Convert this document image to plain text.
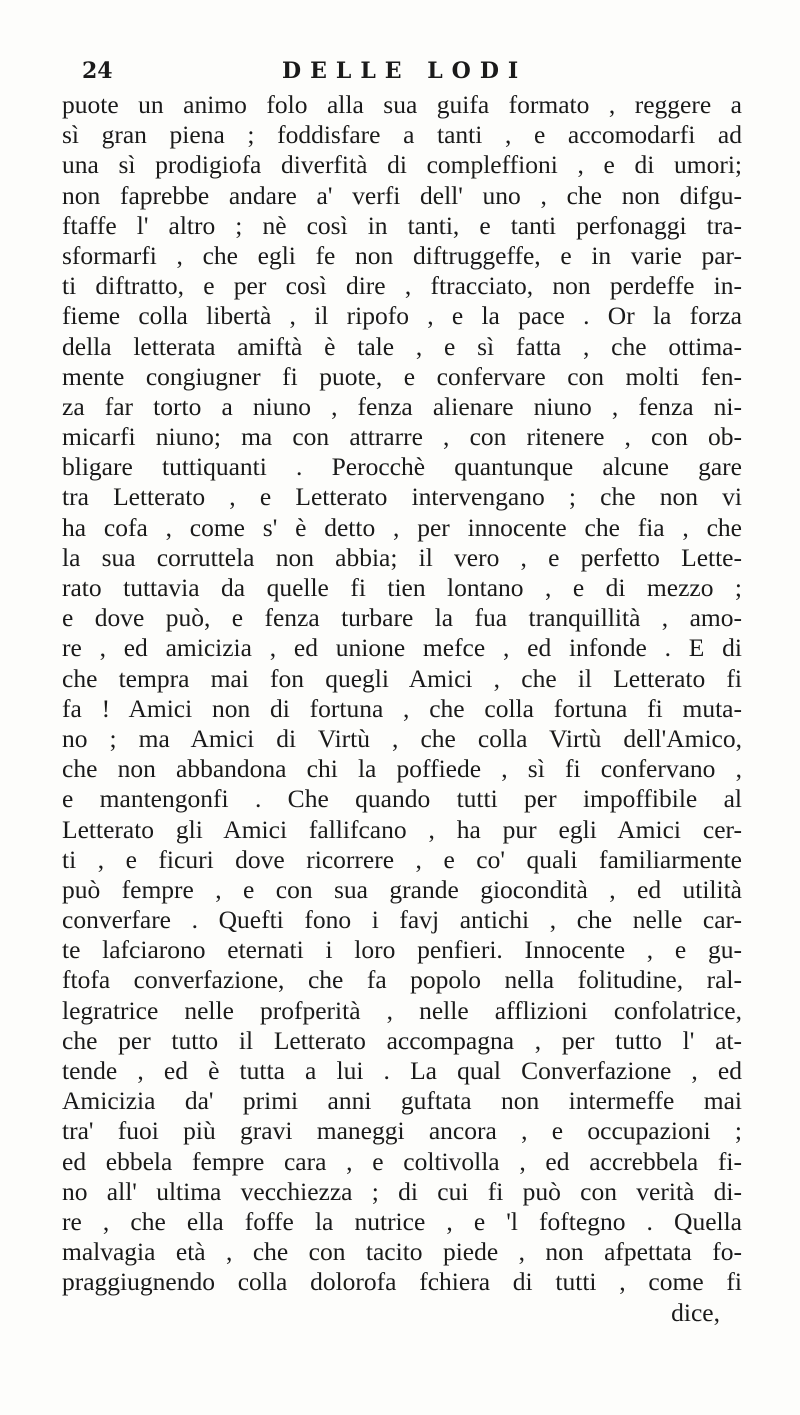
24	DELLE LODI
puote un animo folo alla sua guifa formato , reggere a
sì gran piena ; foddisfare a tanti , e accomodarfi ad
una sì prodigiofa diverfità di compleffioni , e di umori;
non faprebbe andare a' verfi dell' uno , che non difgu-
ftaffe l' altro ; nè così in tanti, e tanti perfonaggi tra-
sformarfi , che egli fe non diftruggeffe, e in varie par-
ti diftratto, e per così dire , ftracciato, non perdeffe in-
fieme colla libertà , il ripofo , e la pace . Or la forza
della letterata amiftà è tale , e sì fatta , che ottima-
mente congiugner fi puote, e confervare con molti fen-
za far torto a niuno , fenza alienare niuno , fenza ni-
micarfi niuno; ma con attrarre , con ritenere , con ob-
bligare tuttiquanti . Perocchè quantunque alcune gare
tra Letterato , e Letterato intervengano ; che non vi
ha cofa , come s' è detto , per innocente che fia , che
la sua corruttela non abbia; il vero , e perfetto Lette-
rato tuttavia da quelle fi tien lontano , e di mezzo ;
e dove può, e fenza turbare la fua tranquillità , amo-
re , ed amicizia , ed unione mefce , ed infonde . E di
che tempra mai fon quegli Amici , che il Letterato fi
fa ! Amici non di fortuna , che colla fortuna fi muta-
no ; ma Amici di Virtù , che colla Virtù dell'Amico,
che non abbandona chi la poffiede , sì fi confervano ,
e mantengonfi . Che quando tutti per impoffibile al
Letterato gli Amici fallifcano , ha pur egli Amici cer-
ti , e ficuri dove ricorrere , e co' quali familiarmente
può fempre , e con sua grande giocondità , ed utilità
converfare . Quefti fono i favj antichi , che nelle car-
te lafciarono eternati i loro penfieri. Innocente , e gu-
ftofa converfazione, che fa popolo nella folitudine, ral-
legratrice nelle profperità , nelle afflizioni confolatrice,
che per tutto il Letterato accompagna , per tutto l' at-
tende , ed è tutta a lui . La qual Converfazione , ed
Amicizia da' primi anni guftata non intermeffe mai
tra' fuoi più gravi maneggi ancora , e occupazioni ;
ed ebbela fempre cara , e coltivolla , ed accrebbela fi-
no all' ultima vecchiezza ; di cui fi può con verità di-
re , che ella foffe la nutrice , e 'l foftegno . Quella
malvagia età , che con tacito piede , non afpettata fo-
praggiugnendo colla dolorofa fchiera di tutti , come fi
dice,
